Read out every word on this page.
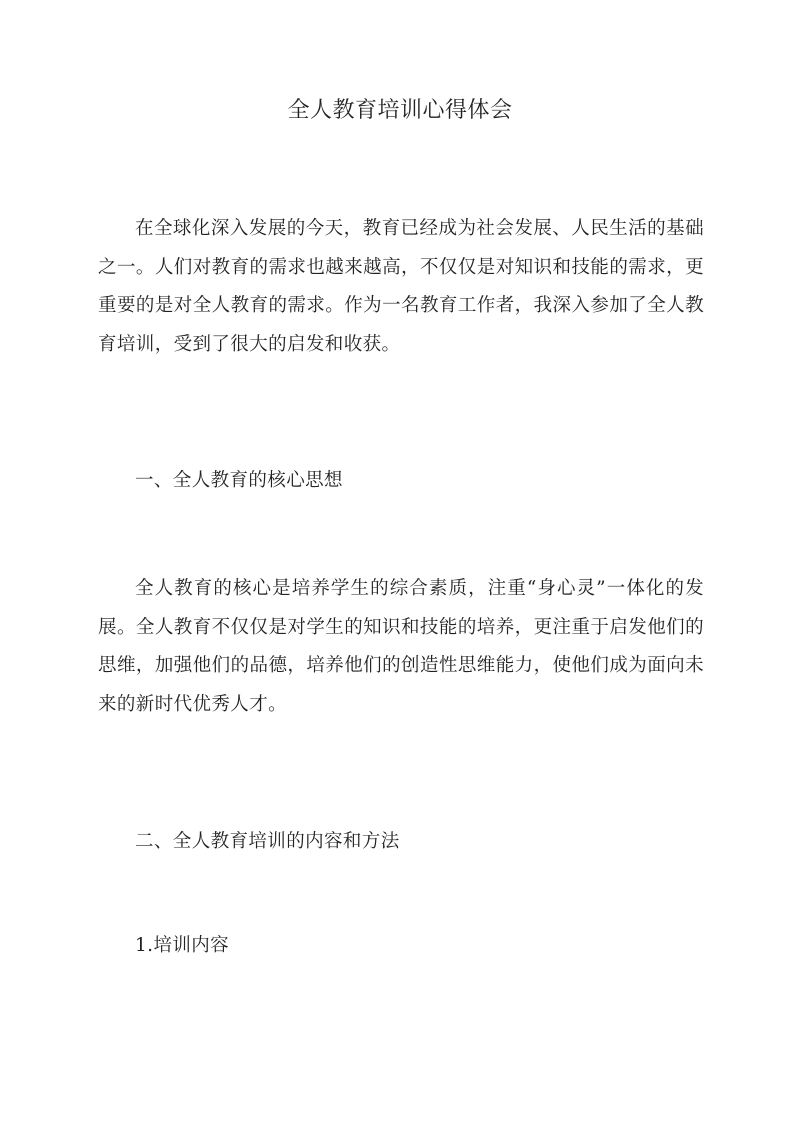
全人教育培训心得体会

在全球化深入发展的今天，教育已经成为社会发展、人民生活的基础之一。人们对教育的需求也越来越高，不仅仅是对知识和技能的需求，更重要的是对全人教育的需求。作为一名教育工作者，我深入参加了全人教育培训，受到了很大的启发和收获。

一、全人教育的核心思想

全人教育的核心是培养学生的综合素质，注重“身心灵”一体化的发展。全人教育不仅仅是对学生的知识和技能的培养，更注重于启发他们的思维，加强他们的品德，培养他们的创造性思维能力，使他们成为面向未来的新时代优秀人才。

二、全人教育培训的内容和方法
1.培训内容
